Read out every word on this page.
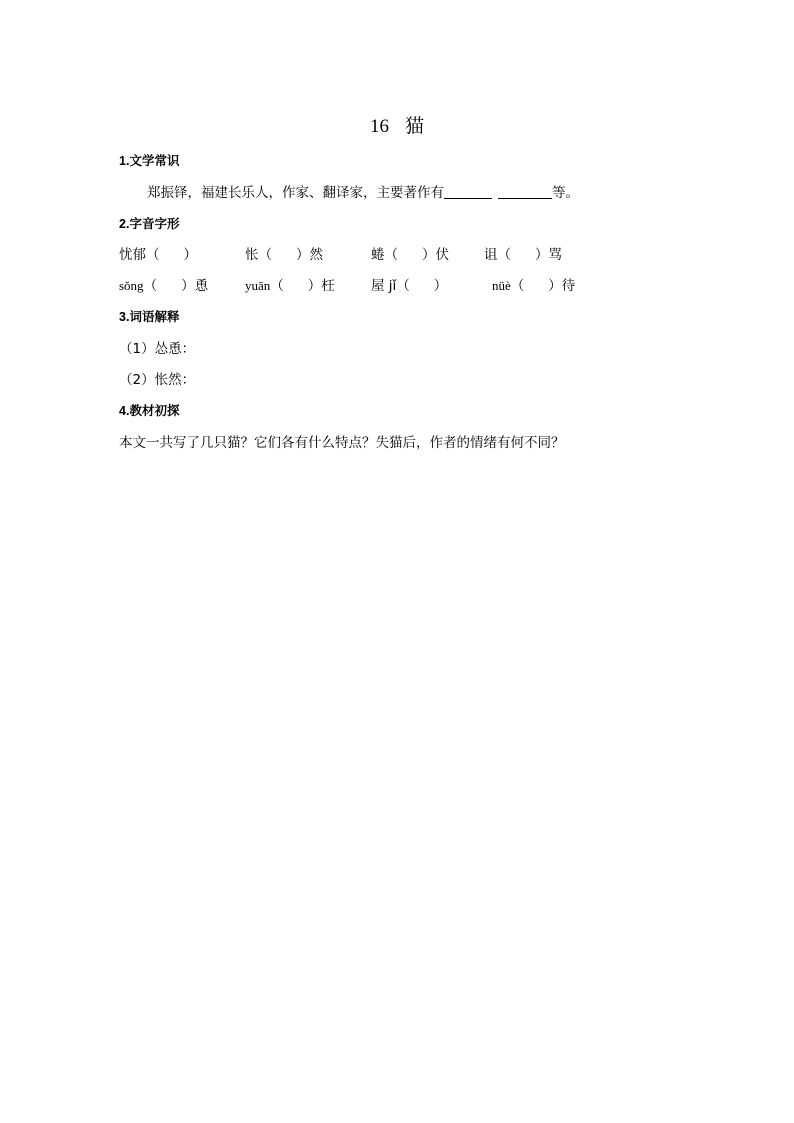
16 猫
1.文学常识
郑振铎，福建长乐人，作家、翻译家，主要著作有	等。
2.字音字形
忧郁（ ）	怅（ ）然	蜷（ ）伏	诅（ ）骂
sǒng（ ）恿	yuān（ ）枉	屋 jǐ（ ）	nüè（ ）待
3.词语解释
（1）怂恿：
（2）怅然：
4.教材初探
本文一共写了几只猫？它们各有什么特点？失猫后，作者的情绪有何不同？
